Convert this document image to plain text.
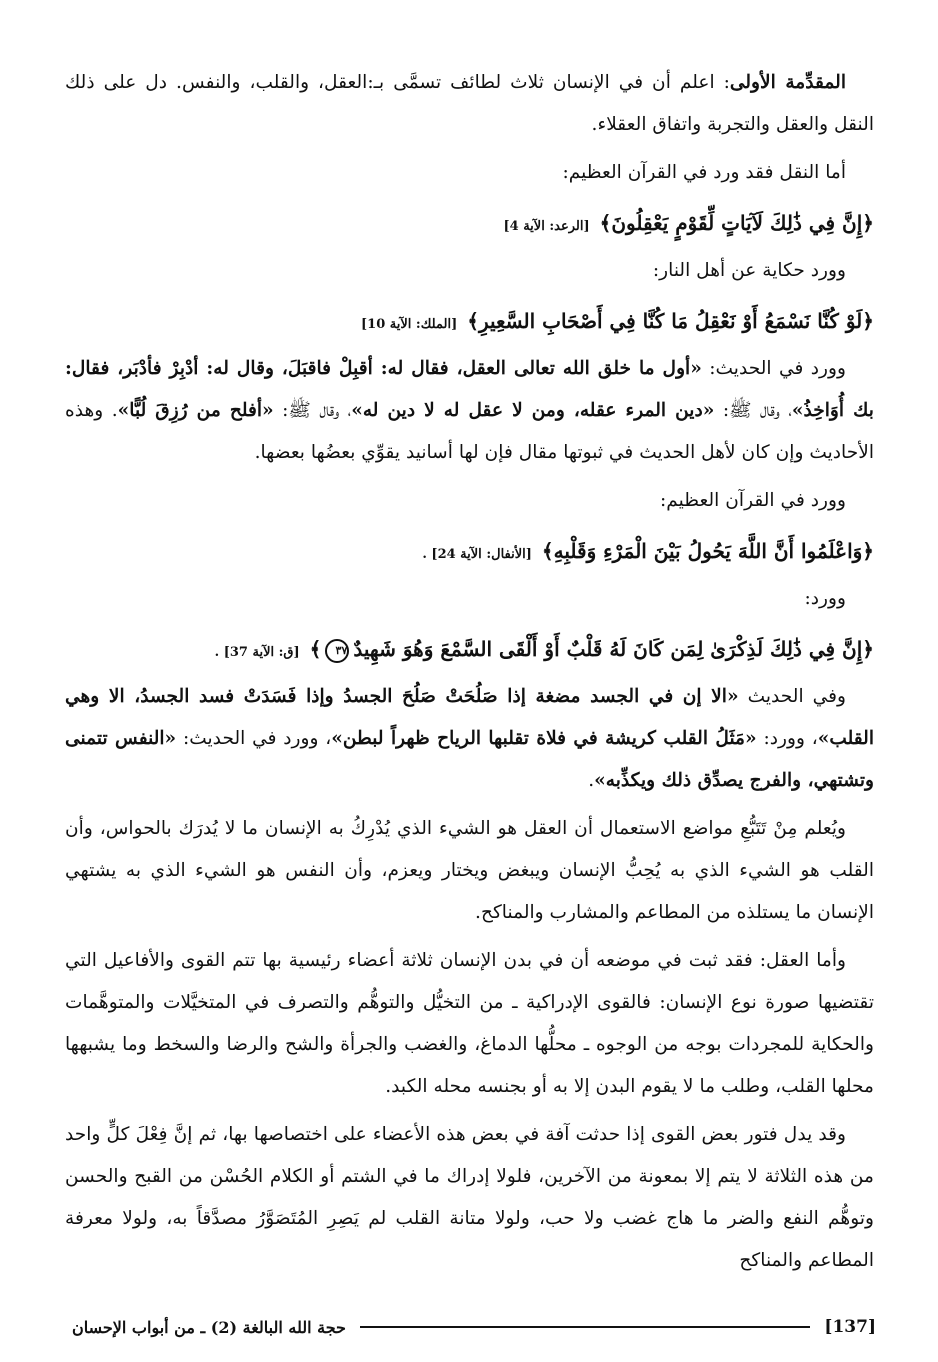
المقدِّمة الأولى: اعلم أن في الإنسان ثلاث لطائف تسمَّى بـ:العقل، والقلب، والنفس. دل على ذلك النقل والعقل والتجربة واتفاق العقلاء.

أما النقل فقد ورد في القرآن العظيم:

﴿إِنَّ فِي ذَٰلِكَ لَآيَاتٍ لِّقَوْمٍ يَعْقِلُونَ﴾[الرعد: الآية 4]

وورد حكاية عن أهل النار:

﴿لَوْ كُنَّا نَسْمَعُ أَوْ نَعْقِلُ مَا كُنَّا فِي أَصْحَابِ السَّعِيرِ﴾[الملك: الآية 10]

وورد في الحديث: «أول ما خلق الله تعالى العقل، فقال له: أقبِلْ فاقبَلَ، وقال له: أدْبِرْ فأدْبَر، فقال: بك أُوَاخِذُ»، وقال ﷺ: «دين المرء عقله، ومن لا عقل له لا دين له»، وقال ﷺ: «أفلح من رُزِقَ لُبًّا». وهذه الأحاديث وإن كان لأهل الحديث في ثبوتها مقال فإن لها أسانيد يقوِّي بعضُها بعضها.

وورد في القرآن العظيم:

﴿وَاعْلَمُوا أَنَّ اللَّهَ يَحُولُ بَيْنَ الْمَرْءِ وَقَلْبِهِ﴾[الأنفال: الآية 24] .

وورد:

﴿إِنَّ فِي ذَٰلِكَ لَذِكْرَىٰ لِمَن كَانَ لَهُ قَلْبٌ أَوْ أَلْقَى السَّمْعَ وَهُوَ شَهِيدٌ٣٧﴾[ق: الآية 37] .

وفي الحديث «الا إن في الجسد مضغة إذا صَلُحَتْ صَلُحَ الجسدُ وإذا فَسَدَتْ فسد الجسدُ، الا وهي القلب»، وورد: «مَثَلُ القلب كريشة في فلاة تقلبها الرياح ظهراً لبطن»، وورد في الحديث: «النفس تتمنى وتشتهي، والفرج يصدِّق ذلك ويكذِّبه».

ويُعلم مِنْ تَتَبُّعِ مواضع الاستعمال أن العقل هو الشيء الذي يُدْرِكُ به الإنسان ما لا يُدرَك بالحواس، وأن القلب هو الشيء الذي به يُحِبُّ الإنسان ويبغض ويختار ويعزم، وأن النفس هو الشيء الذي به يشتهي الإنسان ما يستلذه من المطاعم والمشارب والمناكح.

وأما العقل: فقد ثبت في موضعه أن في بدن الإنسان ثلاثة أعضاء رئيسية بها تتم القوى والأفاعيل التي تقتضيها صورة نوع الإنسان: فالقوى الإدراكية ـ من التخيُّل والتوهُّم والتصرف في المتخيَّلات والمتوهَّمات والحكاية للمجردات بوجه من الوجوه ـ محلُّها الدماغ، والغضب والجرأة والشح والرضا والسخط وما يشبهها محلها القلب، وطلب ما لا يقوم البدن إلا به أو بجنسه محله الكبد.

وقد يدل فتور بعض القوى إذا حدثت آفة في بعض هذه الأعضاء على اختصاصها بها، ثم إنَّ فِعْلَ كلٍّ واحد من هذه الثلاثة لا يتم إلا بمعونة من الآخرين، فلولا إدراك ما في الشتم أو الكلام الحُسْن من القبح والحسن وتوهُّم النفع والضر ما هاج غضب ولا حب، ولولا متانة القلب لم يَصِرِ المُتَصَوَّرُ مصدَّقاً به، ولولا معرفة المطاعم والمناكح

[137]
حجة الله البالغة (2) ـ من أبواب الإحسان
